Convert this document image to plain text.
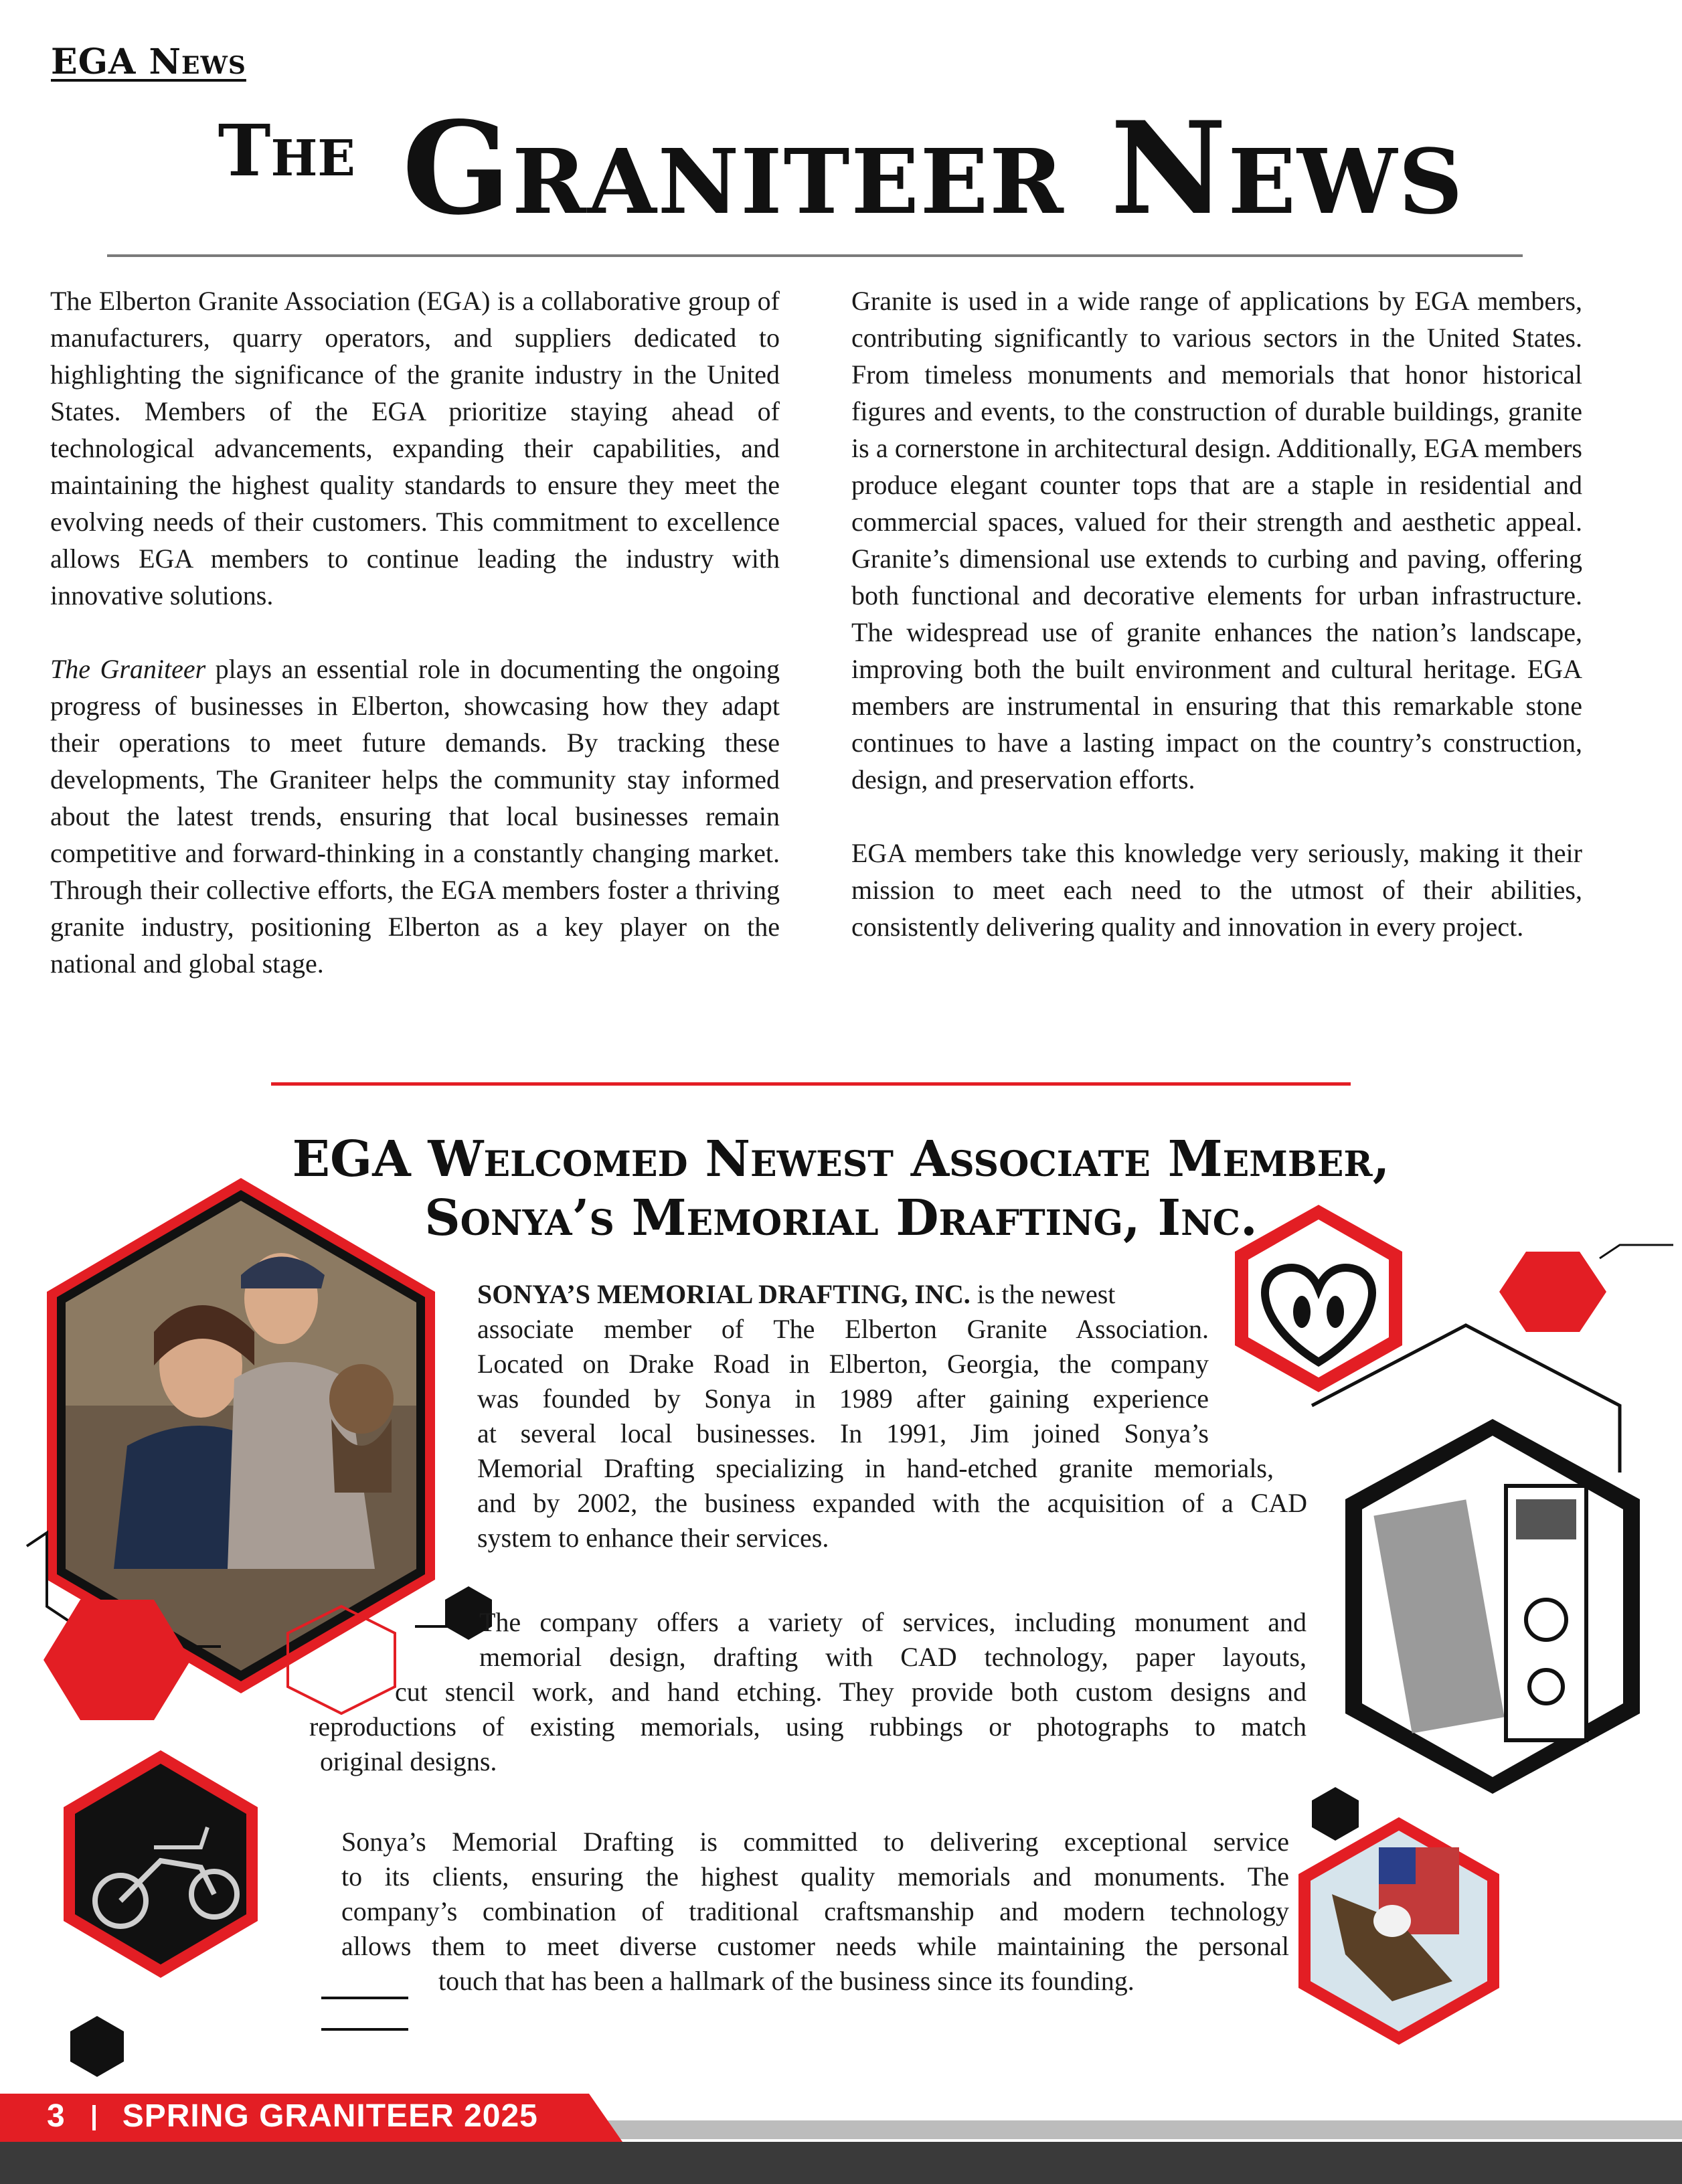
EGA News
The Graniteer News

The Elberton Granite Association (EGA) is a collaborative group of manufacturers, quarry operators, and suppliers dedicated to highlighting the significance of the granite industry in the United States. Members of the EGA prioritize staying ahead of technological advancements, expanding their capabilities, and maintaining the highest quality standards to ensure they meet the evolving needs of their customers. This commitment to excellence allows EGA members to continue leading the industry with innovative solutions.

The Graniteer plays an essential role in documenting the ongoing progress of businesses in Elberton, showcasing how they adapt their operations to meet future demands. By tracking these developments, The Graniteer helps the community stay informed about the latest trends, ensuring that local businesses remain competitive and forward-thinking in a constantly changing market. Through their collective efforts, the EGA members foster a thriving granite industry, positioning Elberton as a key player on the national and global stage.

Granite is used in a wide range of applications by EGA members, contributing significantly to various sectors in the United States. From timeless monuments and memorials that honor historical figures and events, to the construction of durable buildings, granite is a cornerstone in architectural design. Additionally, EGA members produce elegant counter tops that are a staple in residential and commercial spaces, valued for their strength and aesthetic appeal. Granite’s dimensional use extends to curbing and paving, offering both functional and decorative elements for urban infrastructure. The widespread use of granite enhances the nation’s landscape, improving both the built environment and cultural heritage. EGA members are instrumental in ensuring that this remarkable stone continues to have a lasting impact on the country’s construction, design, and preservation efforts.

EGA members take this knowledge very seriously, making it their mission to meet each need to the utmost of their abilities, consistently delivering quality and innovation in every project.

EGA Welcomed Newest Associate Member,
Sonya’s Memorial Drafting, Inc.

SONYA’S MEMORIAL DRAFTING, INC. is the newest

associate member of The Elberton Granite Association.

Located on Drake Road in Elberton, Georgia, the company

was founded by Sonya in 1989 after gaining experience

at several local businesses. In 1991, Jim joined Sonya’s

Memorial Drafting specializing in hand-etched granite memorials,

and by 2002, the business expanded with the acquisition of a CAD

system to enhance their services.

The company offers a variety of services, including monument and

memorial design, drafting with CAD technology, paper layouts,

cut stencil work, and hand etching. They provide both custom designs and

reproductions of existing memorials, using rubbings or photographs to match

original designs.

Sonya’s Memorial Drafting is committed to delivering exceptional service

to its clients, ensuring the highest quality memorials and monuments. The

company’s combination of traditional craftsmanship and modern technology

allows them to meet diverse customer needs while maintaining the personal

touch that has been a hallmark of the business since its founding.

3 SPRING GRANITEER 2025
